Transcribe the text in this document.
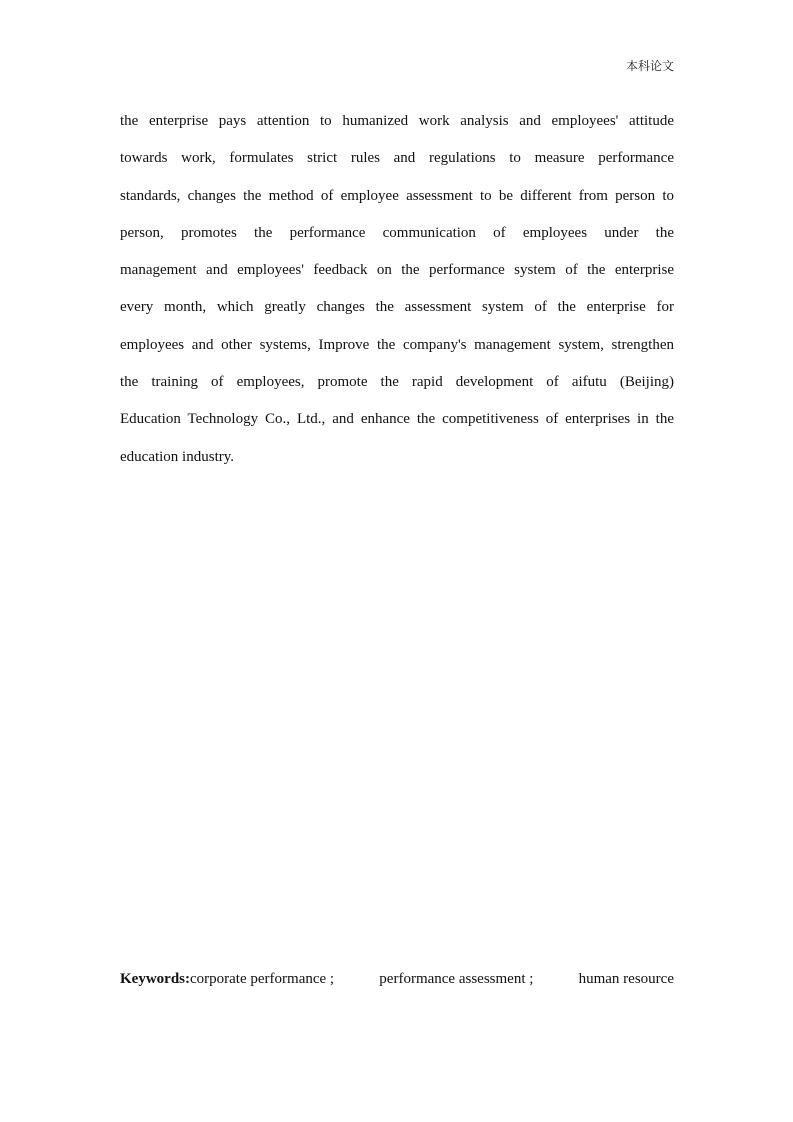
本科论文
the enterprise pays attention to humanized work analysis and employees' attitude
towards work, formulates strict rules and regulations to measure performance
standards, changes the method of employee assessment to be different from person to
person, promotes the performance communication of employees under the
management and employees' feedback on the performance system of the enterprise
every month, which greatly changes the assessment system of the enterprise for
employees and other systems, Improve the company's management system, strengthen
the training of employees, promote the rapid development of aifutu (Beijing)
Education Technology Co., Ltd., and enhance the competitiveness of enterprises in the
education industry.
Keywords:corporate performance ;	performance assessment ;	human resource
